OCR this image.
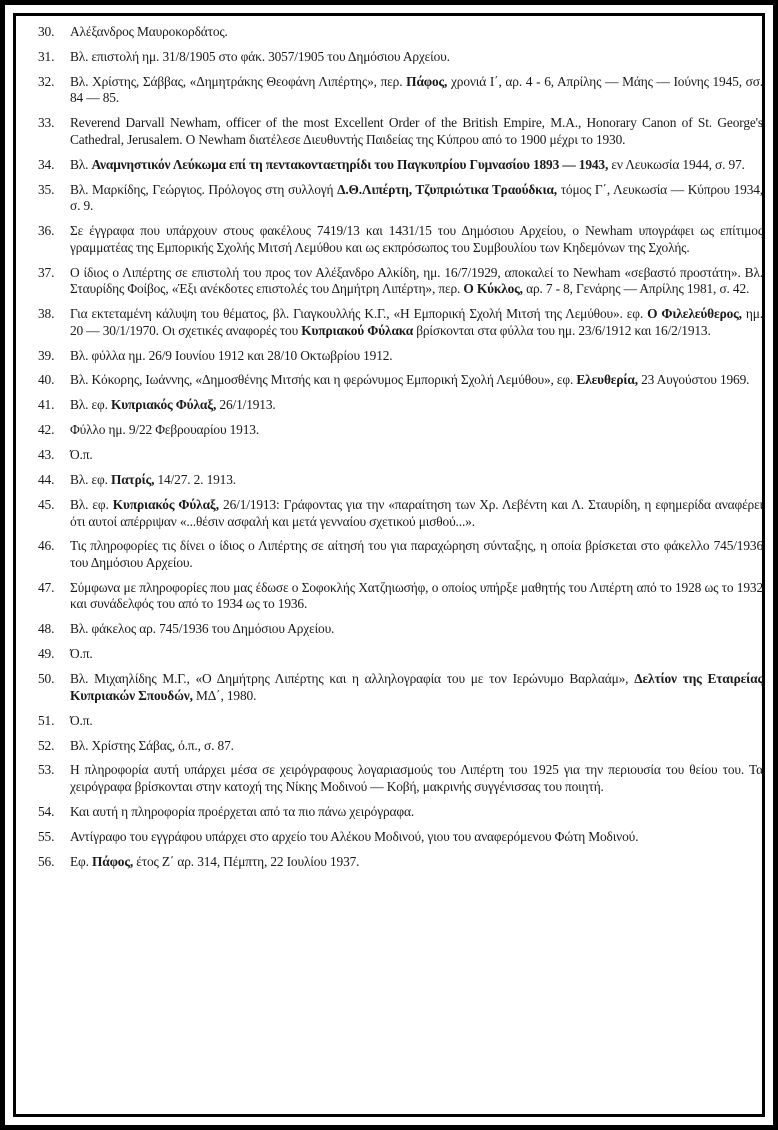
30.	Αλέξανδρος Μαυροκορδάτος.
31.	Βλ. επιστολή ημ. 31/8/1905 στο φάκ. 3057/1905 του Δημόσιου Αρχείου.
32.	Βλ. Χρίστης, Σάββας, «Δημητράκης Θεοφάνη Λιπέρτης», περ. Πάφος, χρονιά Ι΄, αρ. 4 - 6, Απρίλης — Μάης — Ιούνης 1945, σσ. 84 — 85.
33.	Reverend Darvall Newham, officer of the most Excellent Order of the British Empire, M.A., Honorary Canon of St. George's Cathedral, Jerusalem. Ο Newham διατέλεσε Διευθυντής Παιδείας της Κύπρου από το 1900 μέχρι το 1930.
34.	Βλ. Αναμνηστικόν Λεύκωμα επί τη πεντακονταετηρίδι του Παγκυπρίου Γυμνασίου 1893 — 1943, εν Λευκωσία 1944, σ. 97.
35.	Βλ. Μαρκίδης, Γεώργιος. Πρόλογος στη συλλογή Δ.Θ.Λιπέρτη, Τζυπριώτικα Τραούδκια, τόμος Γ΄, Λευκωσία — Κύπρου 1934, σ. 9.
36.	Σε έγγραφα που υπάρχουν στους φακέλους 7419/13 και 1431/15 του Δημόσιου Αρχείου, ο Newham υπογράφει ως επίτιμος γραμματέας της Εμπορικής Σχολής Μιτσή Λεμύθου και ως εκπρόσωπος του Συμβουλίου των Κηδεμόνων της Σχολής.
37.	Ο ίδιος ο Λιπέρτης σε επιστολή του προς τον Αλέξανδρο Αλκίδη, ημ. 16/7/1929, αποκαλεί το Newham «σεβαστό προστάτη». Βλ. Σταυρίδης Φοίβος, «Έξι ανέκδοτες επιστολές του Δημήτρη Λιπέρτη», περ. Ο Κύκλος, αρ. 7 - 8, Γενάρης — Απρίλης 1981, σ. 42.
38.	Για εκτεταμένη κάλυψη του θέματος, βλ. Γιαγκουλλής Κ.Γ., «Η Εμπορική Σχολή Μιτσή της Λεμύθου». εφ. Ο Φιλελεύθερος, ημ. 20 — 30/1/1970. Οι σχετικές αναφορές του Κυπριακού Φύλακα βρίσκονται στα φύλλα του ημ. 23/6/1912 και 16/2/1913.
39.	Βλ. φύλλα ημ. 26/9 Ιουνίου 1912 και 28/10 Οκτωβρίου 1912.
40.	Βλ. Κόκορης, Ιωάννης, «Δημοσθένης Μιτσής και η φερώνυμος Εμπορική Σχολή Λεμύθου», εφ. Ελευθερία, 23 Αυγούστου 1969.
41.	Βλ. εφ. Κυπριακός Φύλαξ, 26/1/1913.
42.	Φύλλο ημ. 9/22 Φεβρουαρίου 1913.
43.	Ό.π.
44.	Βλ. εφ. Πατρίς, 14/27. 2. 1913.
45.	Βλ. εφ. Κυπριακός Φύλαξ, 26/1/1913: Γράφοντας για την «παραίτηση των Χρ. Λεβέντη και Λ. Σταυρίδη, η εφημερίδα αναφέρει ότι αυτοί απέρριψαν «...θέσιν ασφαλή και μετά γενναίου σχετικού μισθού...».
46.	Τις πληροφορίες τις δίνει ο ίδιος ο Λιπέρτης σε αίτησή του για παραχώρηση σύνταξης, η οποία βρίσκεται στο φάκελλο 745/1936 του Δημόσιου Αρχείου.
47.	Σύμφωνα με πληροφορίες που μας έδωσε ο Σοφοκλής Χατζηιωσήφ, ο οποίος υπήρξε μαθητής του Λιπέρτη από το 1928 ως το 1932 και συνάδελφός του από το 1934 ως το 1936.
48.	Βλ. φάκελος αρ. 745/1936 του Δημόσιου Αρχείου.
49.	Ό.π.
50.	Βλ. Μιχαηλίδης Μ.Γ., «Ο Δημήτρης Λιπέρτης και η αλληλογραφία του με τον Ιερώνυμο Βαρλαάμ», Δελτίον της Εταιρείας Κυπριακών Σπουδών, ΜΔ΄, 1980.
51.	Ό.π.
52.	Βλ. Χρίστης Σάβας, ό.π., σ. 87.
53.	Η πληροφορία αυτή υπάρχει μέσα σε χειρόγραφους λογαριασμούς του Λιπέρτη του 1925 για την περιουσία του θείου του. Τα χειρόγραφα βρίσκονται στην κατοχή της Νίκης Μοδινού — Κοβή, μακρινής συγγένισσας του ποιητή.
54.	Και αυτή η πληροφορία προέρχεται από τα πιο πάνω χειρόγραφα.
55.	Αντίγραφο του εγγράφου υπάρχει στο αρχείο του Αλέκου Μοδινού, γιου του αναφερόμενου Φώτη Μοδινού.
56.	Εφ. Πάφος, έτος Ζ΄ αρ. 314, Πέμπτη, 22 Ιουλίου 1937.
